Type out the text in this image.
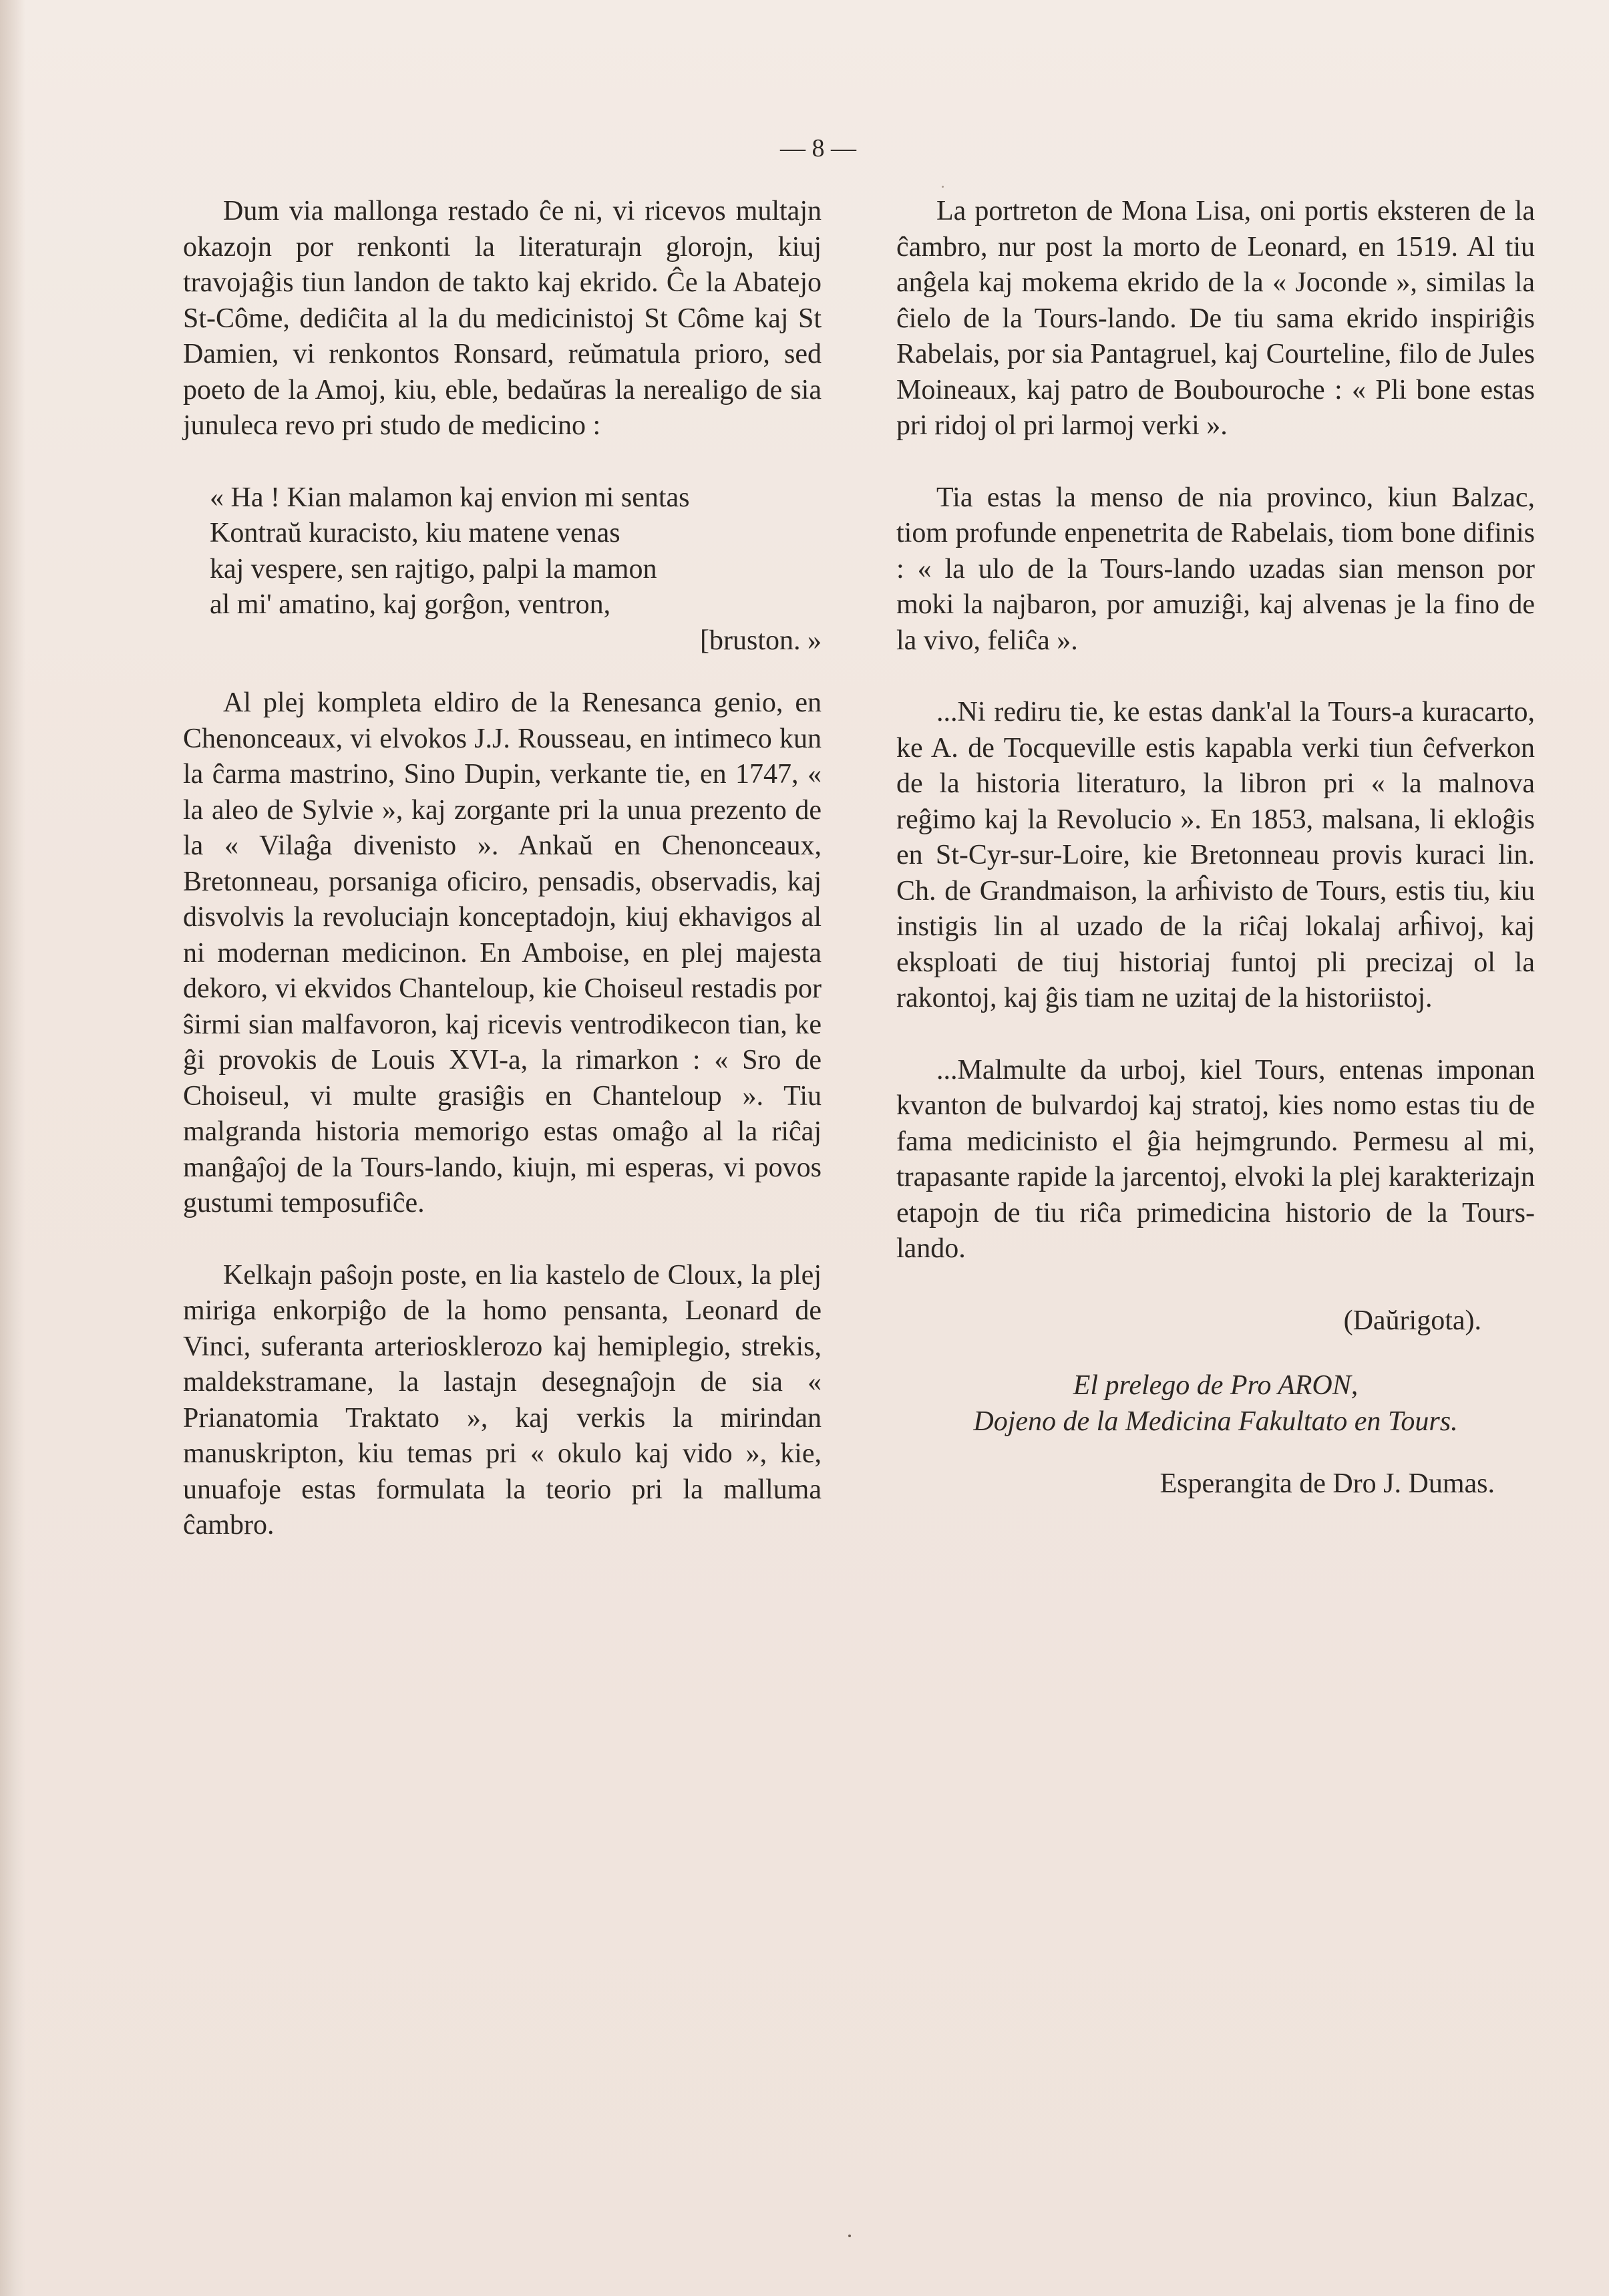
— 8 —

Dum via mallonga restado ĉe ni, vi ricevos multajn okazojn por renkonti la literaturajn glorojn, kiuj travojaĝis tiun landon de takto kaj ekrido. Ĉe la Abatejo St-Côme, dediĉita al la du medicinistoj St Côme kaj St Damien, vi renkontos Ronsard, reŭmatula prioro, sed poeto de la Amoj, kiu, eble, bedaŭras la nerealigo de sia junuleca revo pri studo de medicino :

« Ha ! Kian malamon kaj envion mi sentas
Kontraŭ kuracisto, kiu matene venas
kaj vespere, sen rajtigo, palpi la mamon
al mi' amatino, kaj gorĝon, ventron,
[bruston. »

Al plej kompleta eldiro de la Renesanca genio, en Chenonceaux, vi elvokos J.J. Rousseau, en intimeco kun la ĉarma mastrino, Sino Dupin, verkante tie, en 1747, « la aleo de Sylvie », kaj zorgante pri la unua prezento de la « Vilaĝa divenisto ». Ankaŭ en Chenonceaux, Bretonneau, porsaniga oficiro, pensadis, observadis, kaj disvolvis la revoluciajn konceptadojn, kiuj ekhavigos al ni modernan medicinon. En Amboise, en plej majesta dekoro, vi ekvidos Chanteloup, kie Choiseul restadis por ŝirmi sian malfavoron, kaj ricevis ventrodikecon tian, ke ĝi provokis de Louis XVI-a, la rimarkon : « Sro de Choiseul, vi multe grasiĝis en Chanteloup ». Tiu malgranda historia memorigo estas omaĝo al la riĉaj manĝaĵoj de la Tours-lando, kiujn, mi esperas, vi povos gustumi temposufiĉe.

Kelkajn paŝojn poste, en lia kastelo de Cloux, la plej miriga enkorpiĝo de la homo pensanta, Leonard de Vinci, suferanta arteriosklerozo kaj hemiplegio, strekis, maldekstramane, la lastajn desegnaĵojn de sia « Prianatomia Traktato », kaj verkis la mirindan manuskripton, kiu temas pri « okulo kaj vido », kie, unuafoje estas formulata la teorio pri la malluma ĉambro.

La portreton de Mona Lisa, oni portis eksteren de la ĉambro, nur post la morto de Leonard, en 1519. Al tiu anĝela kaj mokema ekrido de la « Joconde », similas la ĉielo de la Tours-lando. De tiu sama ekrido inspiriĝis Rabelais, por sia Pantagruel, kaj Courteline, filo de Jules Moineaux, kaj patro de Boubouroche : « Pli bone estas pri ridoj ol pri larmoj verki ».

Tia estas la menso de nia provinco, kiun Balzac, tiom profunde enpenetrita de Rabelais, tiom bone difinis : « la ulo de la Tours-lando uzadas sian menson por moki la najbaron, por amuziĝi, kaj alvenas je la fino de la vivo, feliĉa ».

...Ni rediru tie, ke estas dank'al la Tours-a kuracarto, ke A. de Tocqueville estis kapabla verki tiun ĉefverkon de la historia literaturo, la libron pri « la malnova reĝimo kaj la Revolucio ». En 1853, malsana, li ekloĝis en St-Cyr-sur-Loire, kie Bretonneau provis kuraci lin. Ch. de Grandmaison, la arĥivisto de Tours, estis tiu, kiu instigis lin al uzado de la riĉaj lokalaj arĥivoj, kaj eksploati de tiuj historiaj funtoj pli precizaj ol la rakontoj, kaj ĝis tiam ne uzitaj de la historiistoj.

...Malmulte da urboj, kiel Tours, entenas imponan kvanton de bulvardoj kaj stratoj, kies nomo estas tiu de fama medicinisto el ĝia hejmgrundo. Permesu al mi, trapasante rapide la jarcentoj, elvoki la plej karakterizajn etapojn de tiu riĉa primedicina historio de la Tours-lando.

(Daŭrigota).
El prelego de Pro ARON,
Dojeno de la Medicina Fakultato en Tours.
Esperangita de Dro J. Dumas.
